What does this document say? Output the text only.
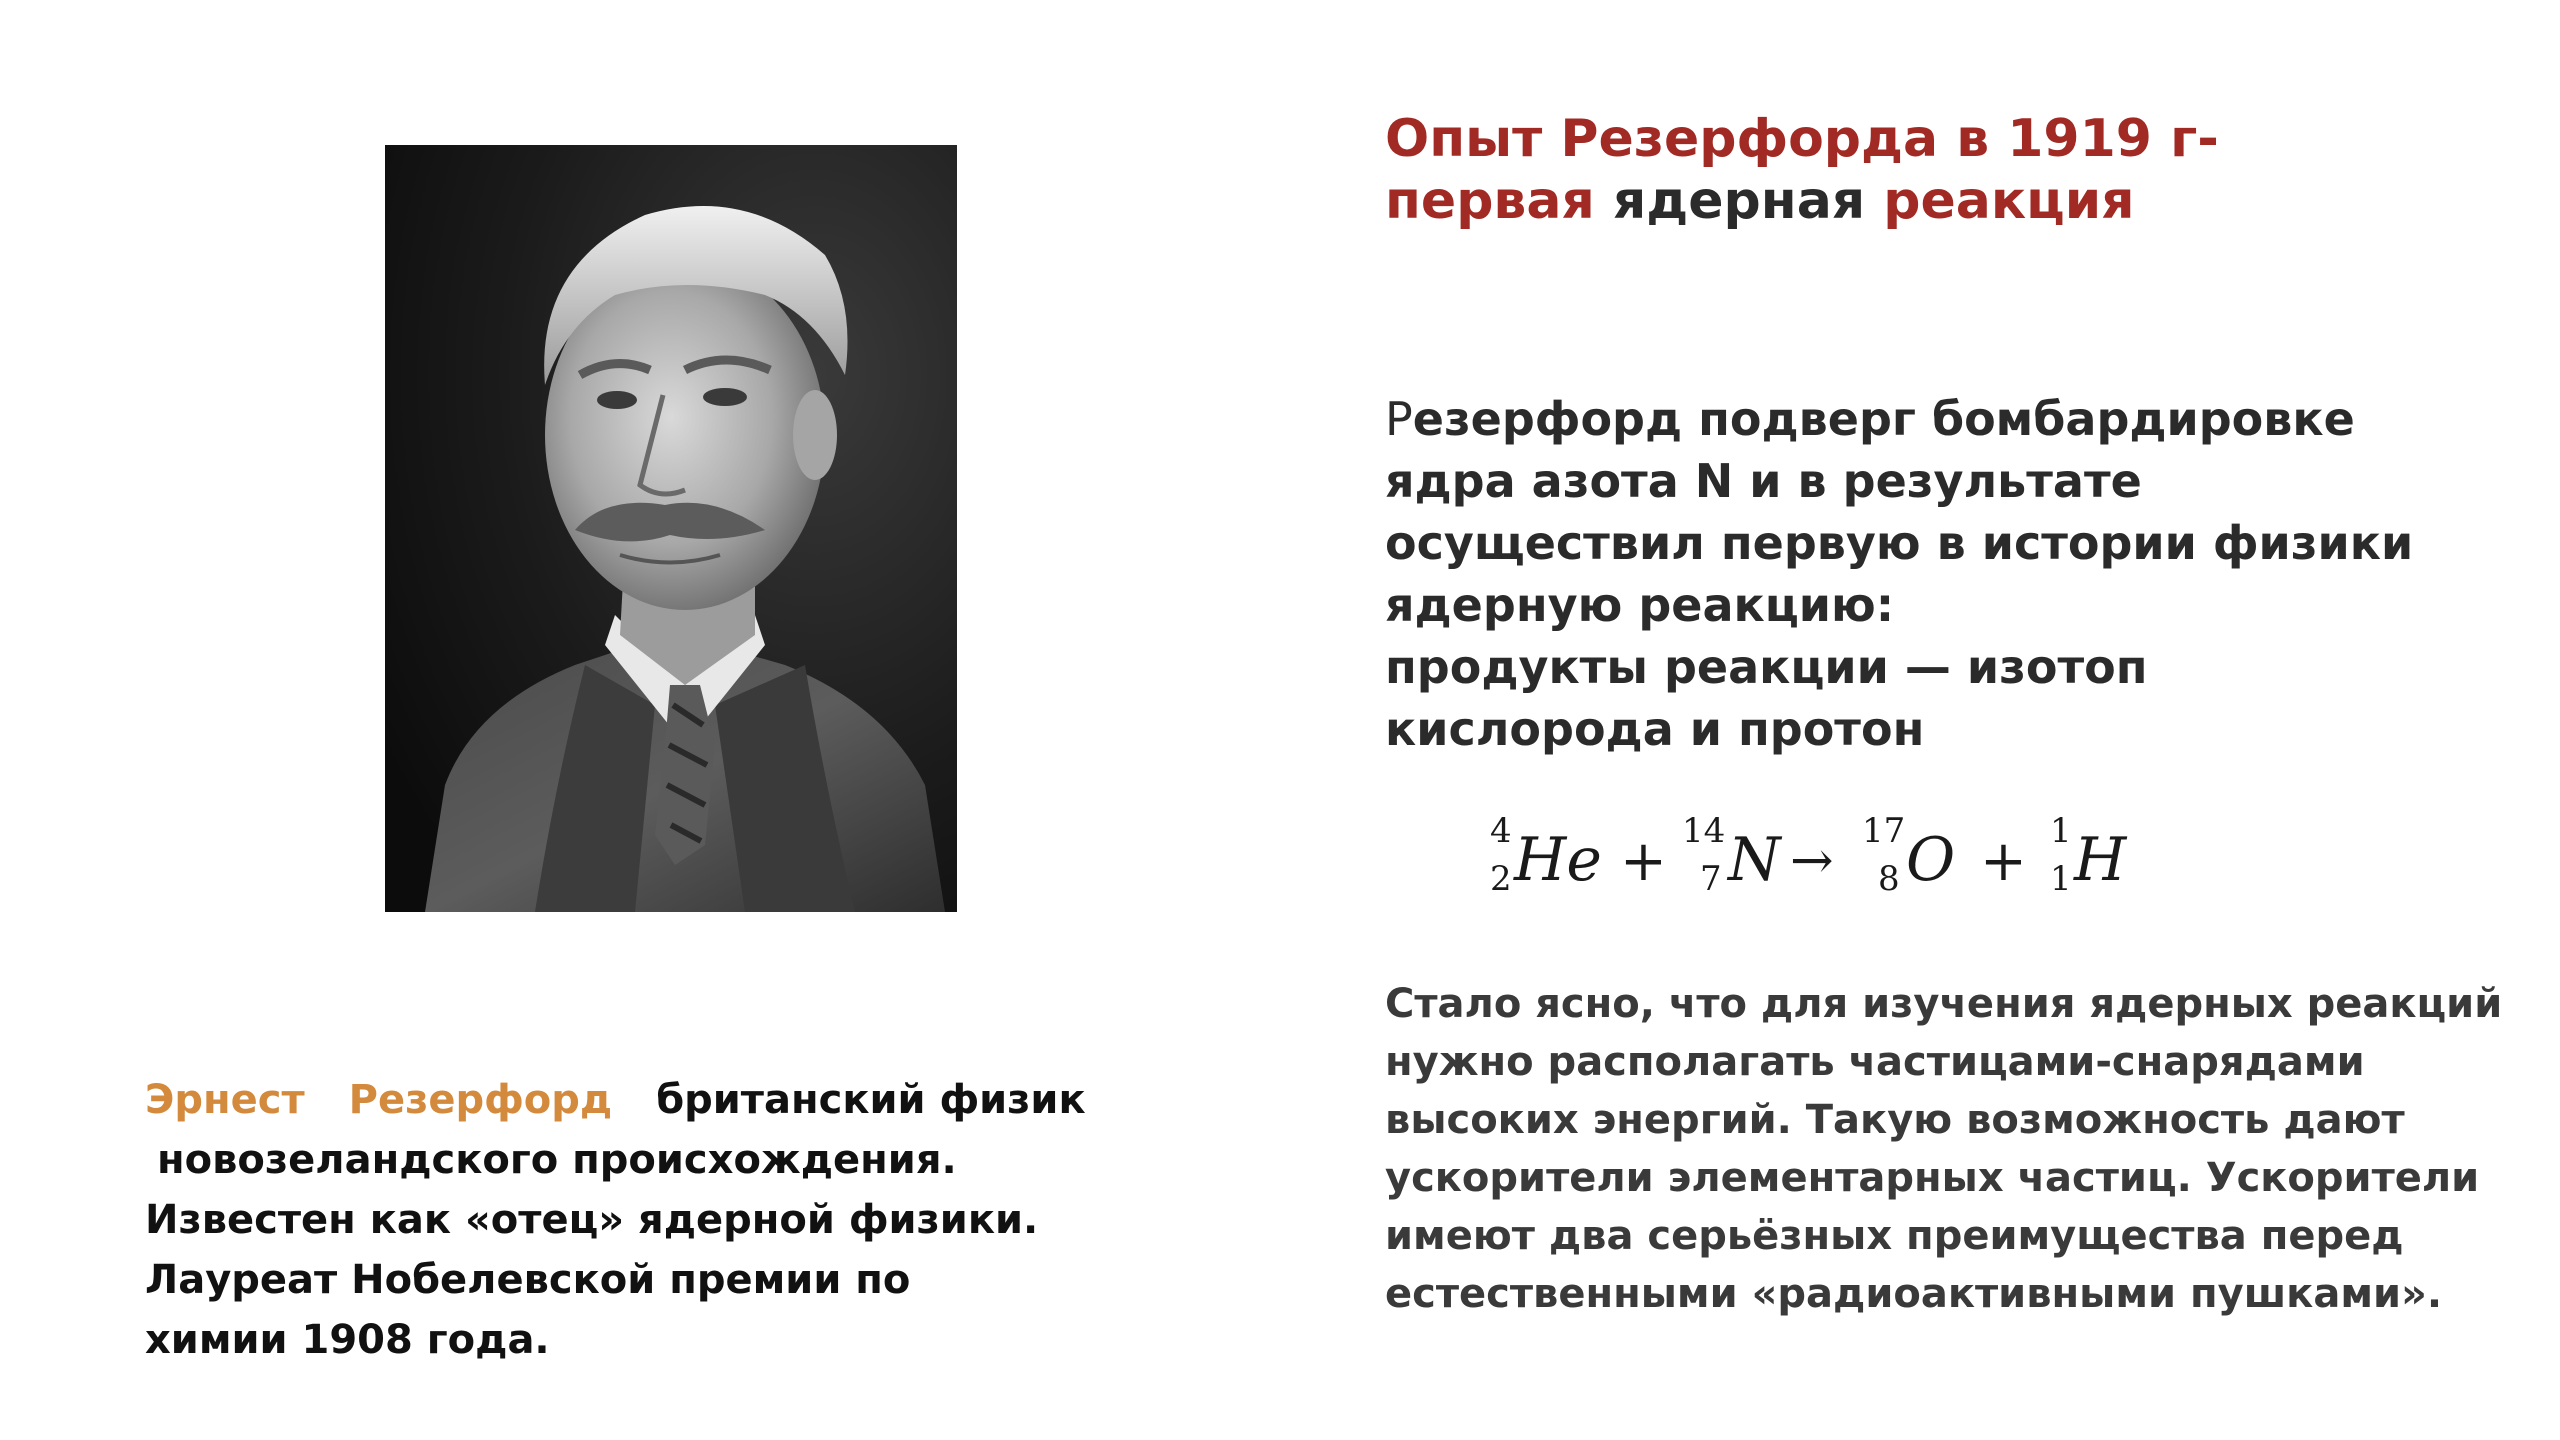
Опыт Резерфорда в 1919 г-
первая ядерная реакция
Эрнест Резерфорд британский физик
новозеландского происхождения.
Известен как «отец» ядерной физики.
Лауреат Нобелевской премии по
химии 1908 года.
Резерфорд подверг бомбардировке
ядра азота N и в результате
осуществил первую в истории физики
ядерную реакцию:
продукты реакции — изотоп
кислорода и протон
4
2 He + 14
7 N → 17
8 O + 1
1 H
Стало ясно, что для изучения ядерных реакций
нужно располагать частицами-снарядами
высоких энергий. Такую возможность дают
ускорители элементарных частиц. Ускорители
имеют два серьёзных преимущества перед
естественными «радиоактивными пушками».
